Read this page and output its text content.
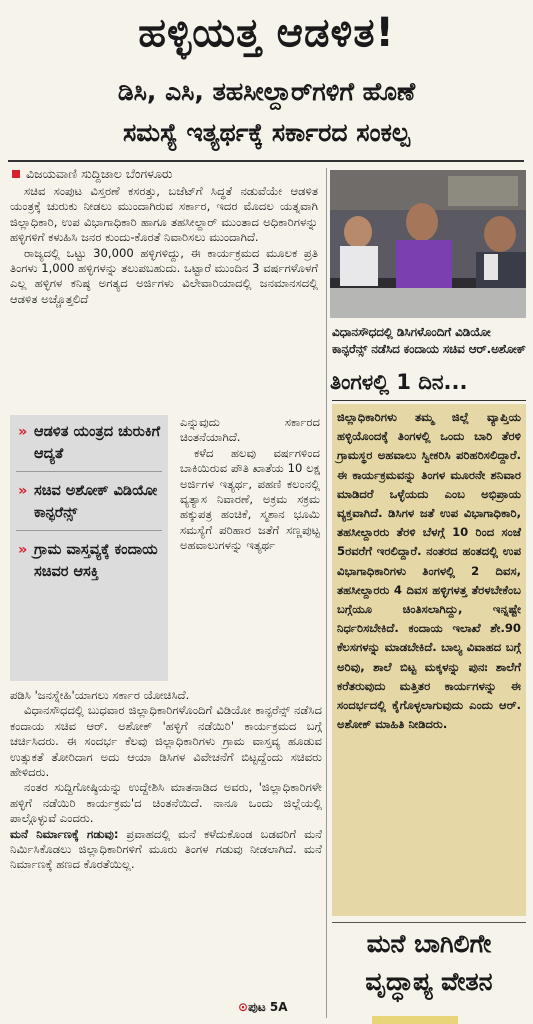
ಹಳ್ಳಿಯತ್ತ ಆಡಳಿತ!
ಡಿಸಿ, ಎಸಿ, ತಹಸೀಲ್ದಾರ್‌ಗಳಿಗೆ ಹೊಣೆ
ಸಮಸ್ಯೆ ಇತ್ಯರ್ಥಕ್ಕೆ ಸರ್ಕಾರದ ಸಂಕಲ್ಪ
ವಿಜಯವಾಣಿ ಸುದ್ದಿಜಾಲ ಬೆಂಗಳೂರು

ಸಚಿವ ಸಂಪುಟ ವಿಸ್ತರಣೆ ಕಸರತ್ತು, ಬಜೆಟ್‌ಗೆ ಸಿದ್ಧತೆ ನಡುವೆಯೇ ಆಡಳಿತ ಯಂತ್ರಕ್ಕೆ ಚುರುಕು ನೀಡಲು ಮುಂದಾಗಿರುವ ಸರ್ಕಾರ, ಇದರ ಮೊದಲ ಯತ್ನವಾಗಿ ಜಿಲ್ಲಾಧಿಕಾರಿ, ಉಪ ವಿಭಾಗಾಧಿಕಾರಿ ಹಾಗೂ ತಹಸೀಲ್ದಾರ್ ಮುಂತಾದ ಅಧಿಕಾರಿಗಳನ್ನು ಹಳ್ಳಿಗಳಿಗೆ ಕಳುಹಿಸಿ ಜನರ ಕುಂದು-ಕೊರತೆ ನಿವಾರಿಸಲು ಮುಂದಾಗಿದೆ.

ರಾಜ್ಯದಲ್ಲಿ ಒಟ್ಟು 30,000 ಹಳ್ಳಿಗಳಿದ್ದು, ಈ ಕಾರ್ಯಕ್ರಮದ ಮೂಲಕ ಪ್ರತಿ ತಿಂಗಳು 1,000 ಹಳ್ಳಿಗಳನ್ನು ತಲುಪಬಹುದು. ಒಟ್ಟಾರೆ ಮುಂದಿನ 3 ವರ್ಷಗಳೊಳಗೆ ಎಲ್ಲ ಹಳ್ಳಿಗಳ ಕನಿಷ್ಠ ಅಗತ್ಯದ ಅರ್ಜಿಗಳು ವಿಲೇವಾರಿಯಾದಲ್ಲಿ ಜನಮಾನಸದಲ್ಲಿ ಆಡಳಿತ ಅಚ್ಚೊತ್ತಲಿದೆ

» ಆಡಳಿತ ಯಂತ್ರದ ಚುರುಕಿಗೆ ಆದ್ಯತೆ
» ಸಚಿವ ಅಶೋಕ್ ವಿಡಿಯೋ ಕಾನ್ಫರೆನ್ಸ್
» ಗ್ರಾಮ ವಾಸ್ತವ್ಯಕ್ಕೆ ಕಂದಾಯ ಸಚಿವರ ಆಸಕ್ತಿ

ಎನ್ನುವುದು ಸರ್ಕಾರದ ಚಿಂತನೆಯಾಗಿದೆ.

ಕಳೆದ ಹಲವು ವರ್ಷಗಳಿಂದ ಬಾಕಿಯಿರುವ ಪೌತಿ ಖಾತೆಯ 10 ಲಕ್ಷ ಅರ್ಜಿಗಳ ಇತ್ಯರ್ಥ, ಪಹಣಿ ಕಲಂನಲ್ಲಿ ವ್ಯತ್ಯಾಸ ನಿವಾರಣೆ, ಅಕ್ರಮ ಸಕ್ರಮ ಹಕ್ಕುಪತ್ರ ಹಂಚಿಕೆ, ಸ್ಮಶಾನ ಭೂಮಿ ಸಮಸ್ಯೆಗೆ ಪರಿಹಾರ ಜತೆಗೆ ಸಣ್ಣಪುಟ್ಟ ಅಹವಾಲುಗಳನ್ನು ಇತ್ಯರ್ಥ

ಪಡಿಸಿ 'ಜನಸ್ನೇಹಿ'ಯಾಗಲು ಸರ್ಕಾರ ಯೋಚಿಸಿದೆ.

ವಿಧಾನಸೌಧದಲ್ಲಿ ಬುಧವಾರ ಜಿಲ್ಲಾಧಿಕಾರಿಗಳೊಂದಿಗೆ ವಿಡಿಯೋ ಕಾನ್ಫರೆನ್ಸ್ ನಡೆಸಿದ ಕಂದಾಯ ಸಚಿವ ಆರ್. ಅಶೋಕ್ 'ಹಳ್ಳಿಗೆ ನಡೆಯಿರಿ' ಕಾರ್ಯಕ್ರಮದ ಬಗ್ಗೆ ಚರ್ಚಿಸಿದರು. ಈ ಸಂದರ್ಭ ಕೆಲವು ಜಿಲ್ಲಾಧಿಕಾರಿಗಳು ಗ್ರಾಮ ವಾಸ್ತವ್ಯ ಹೂಡುವ ಉತ್ಸುಕತೆ ತೋರಿದಾಗ ಅದು ಆಯಾ ಡಿಸಿಗಳ ವಿವೇಚನೆಗೆ ಬಿಟ್ಟದ್ದೆಂದು ಸಚಿವರು ಹೇಳಿದರು.

ನಂತರ ಸುದ್ದಿಗೋಷ್ಠಿಯನ್ನು ಉದ್ದೇಶಿಸಿ ಮಾತನಾಡಿದ ಅವರು, 'ಜಿಲ್ಲಾಧಿಕಾರಿಗಳೇ ಹಳ್ಳಿಗೆ ನಡೆಯಿರಿ ಕಾರ್ಯಕ್ರಮ'ದ ಚಿಂತನೆಯಿದೆ. ನಾನೂ ಒಂದು ಜಿಲ್ಲೆಯಲ್ಲಿ ಪಾಲ್ಗೊಳ್ಳುವೆ ಎಂದರು.

ಮನೆ ನಿರ್ಮಾಣಕ್ಕೆ ಗಡುವು: ಪ್ರವಾಹದಲ್ಲಿ ಮನೆ ಕಳೆದುಕೊಂಡ ಬಡವರಿಗೆ ಮನೆ ನಿರ್ಮಿಸಿಕೊಡಲು ಜಿಲ್ಲಾಧಿಕಾರಿಗಳಿಗೆ ಮೂರು ತಿಂಗಳ ಗಡುವು ನೀಡಲಾಗಿದೆ. ಮನೆ ನಿರ್ಮಾಣಕ್ಕೆ ಹಣದ ಕೊರತೆಯಿಲ್ಲ.

⊙ಪುಟ 5A
ವಿಧಾನಸೌಧದಲ್ಲಿ ಡಿಸಿಗಳೊಂದಿಗೆ ವಿಡಿಯೋ ಕಾನ್ಫರೆನ್ಸ್ ನಡೆಸಿದ ಕಂದಾಯ ಸಚಿವ ಆರ್.ಅಶೋಕ್
ತಿಂಗಳಲ್ಲಿ 1 ದಿನ...
ಜಿಲ್ಲಾಧಿಕಾರಿಗಳು ತಮ್ಮ ಜಿಲ್ಲೆ ವ್ಯಾಪ್ತಿಯ ಹಳ್ಳಿಯೊಂದಕ್ಕೆ ತಿಂಗಳಲ್ಲಿ ಒಂದು ಬಾರಿ ತೆರಳಿ ಗ್ರಾಮಸ್ಥರ ಅಹವಾಲು ಸ್ವೀಕರಿಸಿ ಪರಿಹರಿಸಲಿದ್ದಾರೆ. ಈ ಕಾರ್ಯಕ್ರಮವನ್ನು ತಿಂಗಳ ಮೂರನೇ ಶನಿವಾರ ಮಾಡಿದರೆ ಒಳ್ಳೆಯದು ಎಂಬ ಅಭಿಪ್ರಾಯ ವ್ಯಕ್ತವಾಗಿದೆ. ಡಿಸಿಗಳ ಜತೆ ಉಪ ವಿಭಾಗಾಧಿಕಾರಿ, ತಹಸೀಲ್ದಾರರು ತೆರಳಿ ಬೆಳಗ್ಗೆ 10 ರಿಂದ ಸಂಜೆ 5ರವರೆಗೆ ಇರಲಿದ್ದಾರೆ. ನಂತರದ ಹಂತದಲ್ಲಿ ಉಪ ವಿಭಾಗಾಧಿಕಾರಿಗಳು ತಿಂಗಳಲ್ಲಿ 2 ದಿವಸ, ತಹಸೀಲ್ದಾರರು 4 ದಿವಸ ಹಳ್ಳಿಗಳತ್ತ ತೆರಳಬೇಕೆಂಬ ಬಗ್ಗೆಯೂ ಚಿಂತಿಸಲಾಗಿದ್ದು, ಇನ್ನಷ್ಟೇ ನಿರ್ಧರಿಸಬೇಕಿದೆ. ಕಂದಾಯ ಇಲಾಖೆ ಶೇ.90 ಕೆಲಸಗಳನ್ನು ಮಾಡಬೇಕಿದೆ. ಬಾಲ್ಯ ವಿವಾಹದ ಬಗ್ಗೆ ಅರಿವು, ಶಾಲೆ ಬಿಟ್ಟ ಮಕ್ಕಳನ್ನು ಪುನಃ ಶಾಲೆಗೆ ಕರೆತರುವುದು ಮತ್ತಿತರ ಕಾರ್ಯಗಳನ್ನು ಈ ಸಂದರ್ಭದಲ್ಲಿ ಕೈಗೊಳ್ಳಲಾಗುವುದು ಎಂದು ಆರ್. ಅಶೋಕ್ ಮಾಹಿತಿ ನೀಡಿದರು.
ಮನೆ ಬಾಗಿಲಿಗೇ
ವೃದ್ಧಾಪ್ಯ ವೇತನ
